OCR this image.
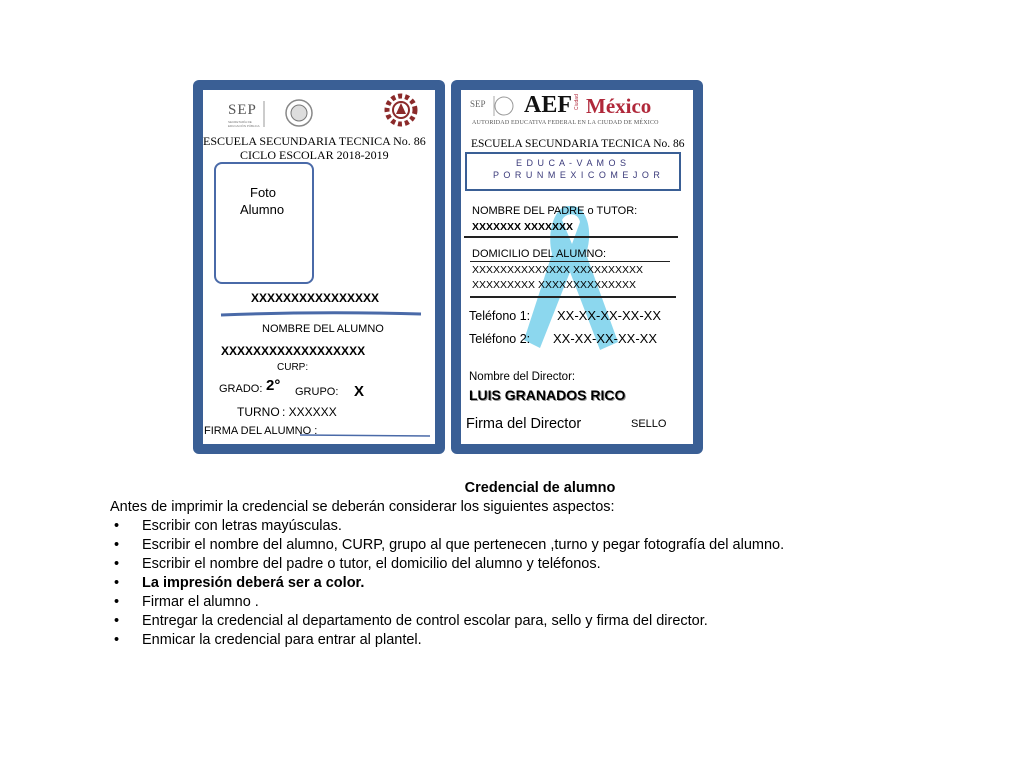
SEP
SECRETARÍA DE EDUCACIÓN PÚBLICA
ESCUELA SECUNDARIA TECNICA No. 86
CICLO ESCOLAR 2018-2019
Foto
Alumno
XXXXXXXXXXXXXXXX
NOMBRE DEL ALUMNO
XXXXXXXXXXXXXXXXXX
CURP:
GRADO: 2° GRUPO: X
TURNO : XXXXXX
FIRMA DEL ALUMNO :
SEP AEF Ciudad México
AUTORIDAD EDUCATIVA FEDERAL EN LA CIUDAD DE MÉXICO
ESCUELA SECUNDARIA TECNICA No. 86
E D U C A - V A M O S
P O R U N M E X I C O M E J O R
NOMBRE DEL PADRE o TUTOR:
XXXXXXX XXXXXXX
DOMICILIO DEL ALUMNO:
XXXXXXXXXXXXXX XXXXXXXXXX
XXXXXXXXX XXXXXXXXXXXXXX
Teléfono 1: XX-XX-XX-XX-XX
Teléfono 2: XX-XX-XX-XX-XX
Nombre del Director:
LUIS GRANADOS RICO
Firma del Director	SELLO
Credencial de alumno
Antes de imprimir la credencial se deberán considerar los siguientes aspectos:
• Escribir con letras mayúsculas.
• Escribir el nombre del alumno, CURP, grupo al que pertenecen ,turno y pegar fotografía del alumno.
• Escribir el nombre del padre o tutor, el domicilio del alumno y teléfonos.
• La impresión deberá ser a color.
• Firmar el alumno .
• Entregar la credencial al departamento de control escolar para, sello y firma del director.
• Enmicar la credencial para entrar al plantel.
